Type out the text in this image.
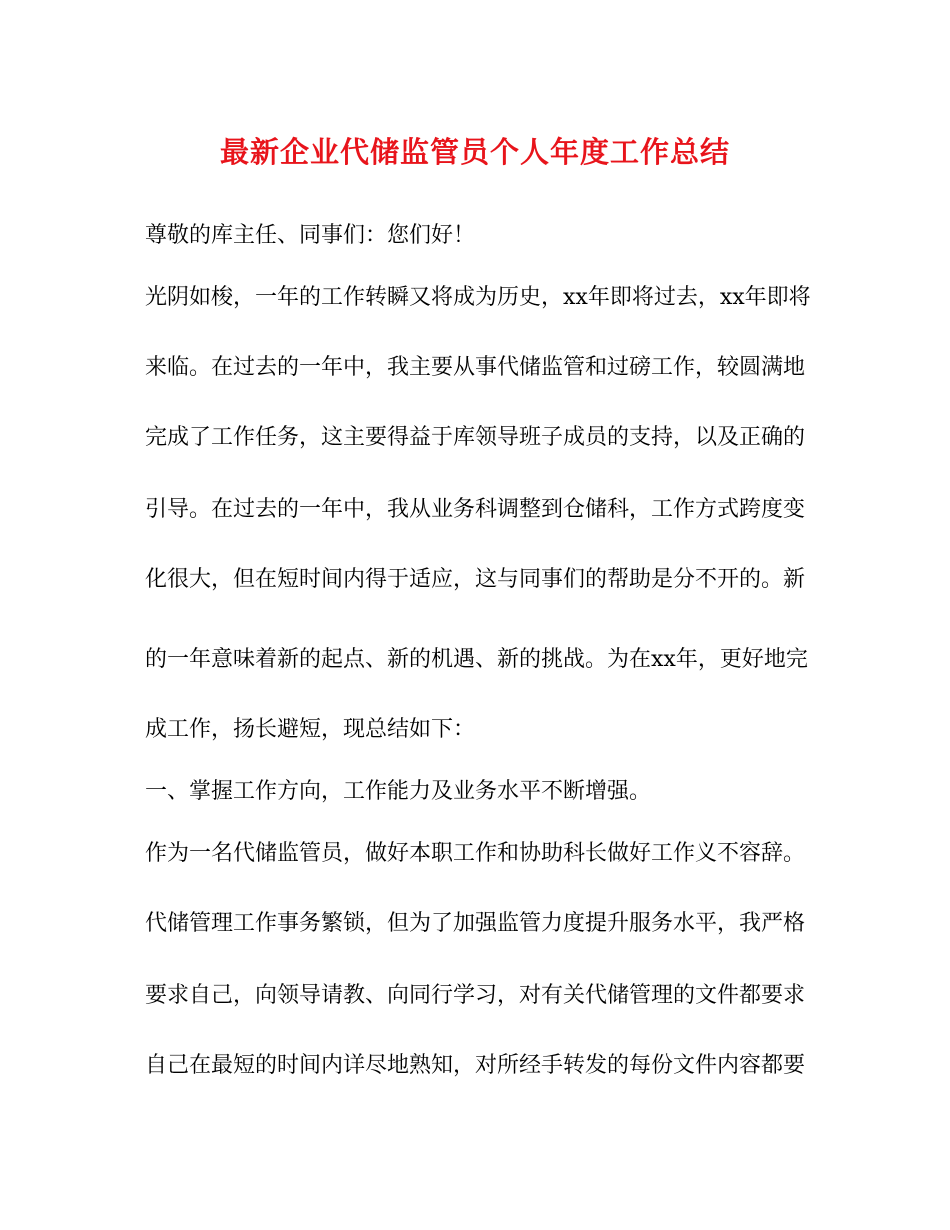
最新企业代储监管员个人年度工作总结
尊敬的库主任、同事们：您们好！
光阴如梭，一年的工作转瞬又将成为历史，xx年即将过去，xx年即将
来临。在过去的一年中，我主要从事代储监管和过磅工作，较圆满地
完成了工作任务，这主要得益于库领导班子成员的支持，以及正确的
引导。在过去的一年中，我从业务科调整到仓储科，工作方式跨度变
化很大，但在短时间内得于适应，这与同事们的帮助是分不开的。新
的一年意味着新的起点、新的机遇、新的挑战。为在xx年，更好地完
成工作，扬长避短，现总结如下：
一、掌握工作方向，工作能力及业务水平不断增强。
作为一名代储监管员，做好本职工作和协助科长做好工作义不容辞。
代储管理工作事务繁锁，但为了加强监管力度提升服务水平，我严格
要求自己，向领导请教、向同行学习，对有关代储管理的文件都要求
自己在最短的时间内详尽地熟知，对所经手转发的每份文件内容都要
